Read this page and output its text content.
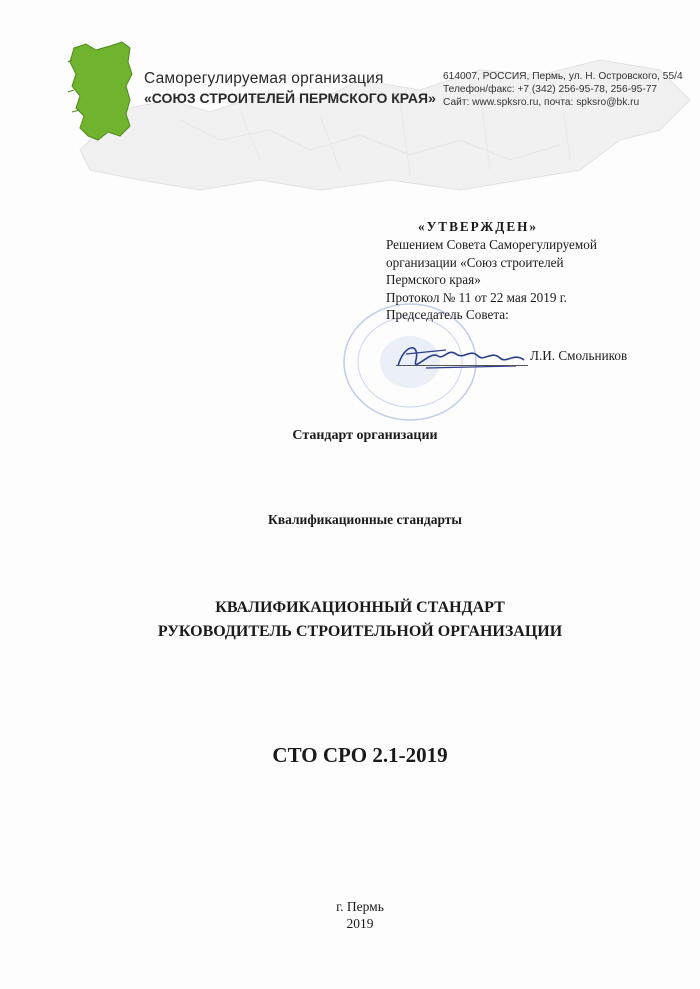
Саморегулируемая организация
«СОЮЗ СТРОИТЕЛЕЙ ПЕРМСКОГО КРАЯ»
614007, РОССИЯ, Пермь, ул. Н. Островского, 55/4
Телефон/факс: +7 (342) 256-95-78, 256-95-77
Сайт: www.spksro.ru, почта: spksro@bk.ru
«УТВЕРЖДЕН»
Решением Совета Саморегулируемой
организации «Союз строителей
Пермского края»
Протокол № 11 от 22 мая 2019 г.
Председатель Совета:
Л.И. Смольников
Стандарт организации
Квалификационные стандарты
КВАЛИФИКАЦИОННЫЙ СТАНДАРТ
РУКОВОДИТЕЛЬ СТРОИТЕЛЬНОЙ ОРГАНИЗАЦИИ
СТО СРО 2.1-2019
г. Пермь
2019
